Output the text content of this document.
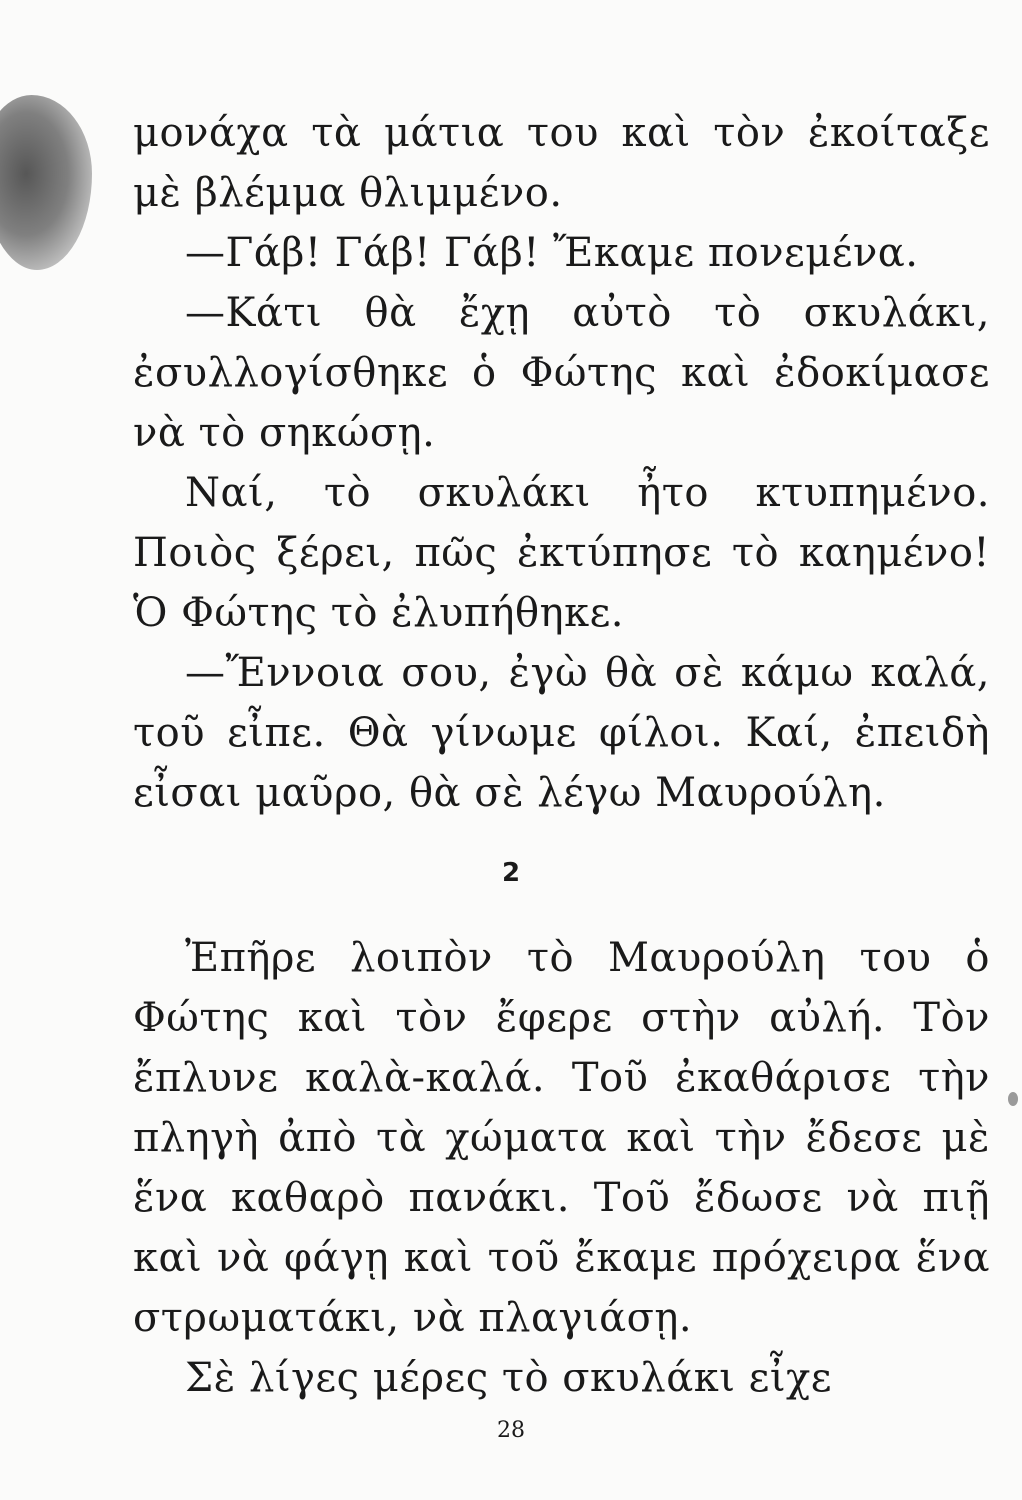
μονάχα τὰ μάτια του καὶ τὸν ἐκοίταξε μὲ βλέμμα θλιμμένο.

—Γάβ! Γάβ! Γάβ! Ἔκαμε πονεμένα.

—Κάτι θὰ ἔχῃ αὐτὸ τὸ σκυλάκι, ἐσυλλογίσθηκε ὁ Φώτης καὶ ἐδοκίμασε νὰ τὸ σηκώσῃ.

Ναί, τὸ σκυλάκι ἦτο κτυπημένο. Ποιὸς ξέρει, πῶς ἐκτύπησε τὸ καημένο! Ὁ Φώτης τὸ ἐλυπήθηκε.

—Ἔννοια σου, ἐγὼ θὰ σὲ κάμω καλά, τοῦ εἶπε. Θὰ γίνωμε φίλοι. Καί, ἐπειδὴ εἶσαι μαῦρο, θὰ σὲ λέγω Μαυρούλη.

2

Ἐπῆρε λοιπὸν τὸ Μαυρούλη του ὁ Φώτης καὶ τὸν ἔφερε στὴν αὐλή. Τὸν ἔπλυνε καλὰ-καλά. Τοῦ ἐκαθάρισε τὴν πληγὴ ἀπὸ τὰ χώματα καὶ τὴν ἔδεσε μὲ ἕνα καθαρὸ πανάκι. Τοῦ ἔδωσε νὰ πιῇ καὶ νὰ φάγῃ καὶ τοῦ ἔκαμε πρόχειρα ἕνα στρωματάκι, νὰ πλαγιάσῃ.

Σὲ λίγες μέρες τὸ σκυλάκι εἶχε

28
